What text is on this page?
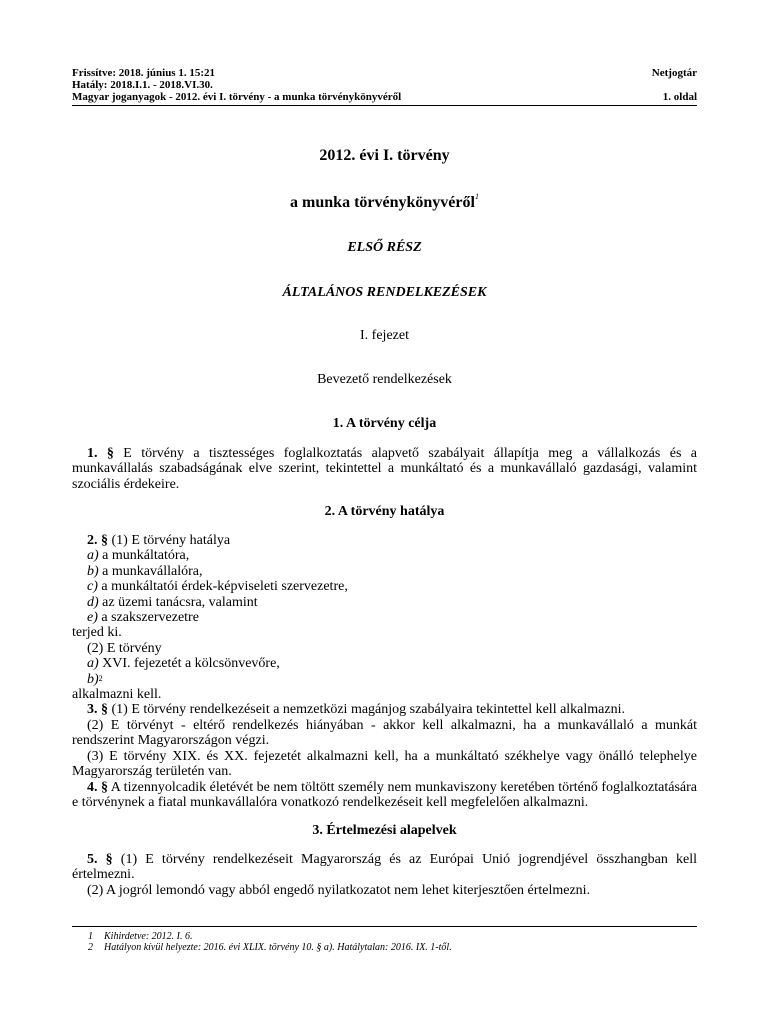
Frissítve: 2018. június 1. 15:21	Netjogtár
Hatály: 2018.I.1. - 2018.VI.30.
Magyar joganyagok - 2012. évi I. törvény - a munka törvénykönyvéről	1. oldal
2012. évi I. törvény
a munka törvénykönyvéről$^1$
ELSŐ RÉSZ
ÁLTALÁNOS RENDELKEZÉSEK
I. fejezet
Bevezető rendelkezések
1. A törvény célja

1. § E törvény a tisztességes foglalkoztatás alapvető szabályait állapítja meg a vállalkozás és a munkavállalás szabadságának elve szerint, tekintettel a munkáltató és a munkavállaló gazdasági, valamint szociális érdekeire.

2. A törvény hatálya

2. § (1) E törvény hatálya

a) a munkáltatóra,

b) a munkavállalóra,

c) a munkáltatói érdek-képviseleti szervezetre,

d) az üzemi tanácsra, valamint

e) a szakszervezetre

terjed ki.

(2) E törvény

a) XVI. fejezetét a kölcsönvevőre,

b)$^2$

alkalmazni kell.

3. § (1) E törvény rendelkezéseit a nemzetközi magánjog szabályaira tekintettel kell alkalmazni.

(2) E törvényt - eltérő rendelkezés hiányában - akkor kell alkalmazni, ha a munkavállaló a munkát rendszerint Magyarországon végzi.

(3) E törvény XIX. és XX. fejezetét alkalmazni kell, ha a munkáltató székhelye vagy önálló telephelye Magyarország területén van.

4. § A tizennyolcadik életévét be nem töltött személy nem munkaviszony keretében történő foglalkoztatására e törvénynek a fiatal munkavállalóra vonatkozó rendelkezéseit kell megfelelően alkalmazni.

3. Értelmezési alapelvek

5. § (1) E törvény rendelkezéseit Magyarország és az Európai Unió jogrendjével összhangban kell értelmezni.

(2) A jogról lemondó vagy abból engedő nyilatkozatot nem lehet kiterjesztően értelmezni.

1 Kihirdetve: 2012. I. 6.
2 Hatályon kívül helyezte: 2016. évi XLIX. törvény 10. § a). Hatálytalan: 2016. IX. 1-től.
